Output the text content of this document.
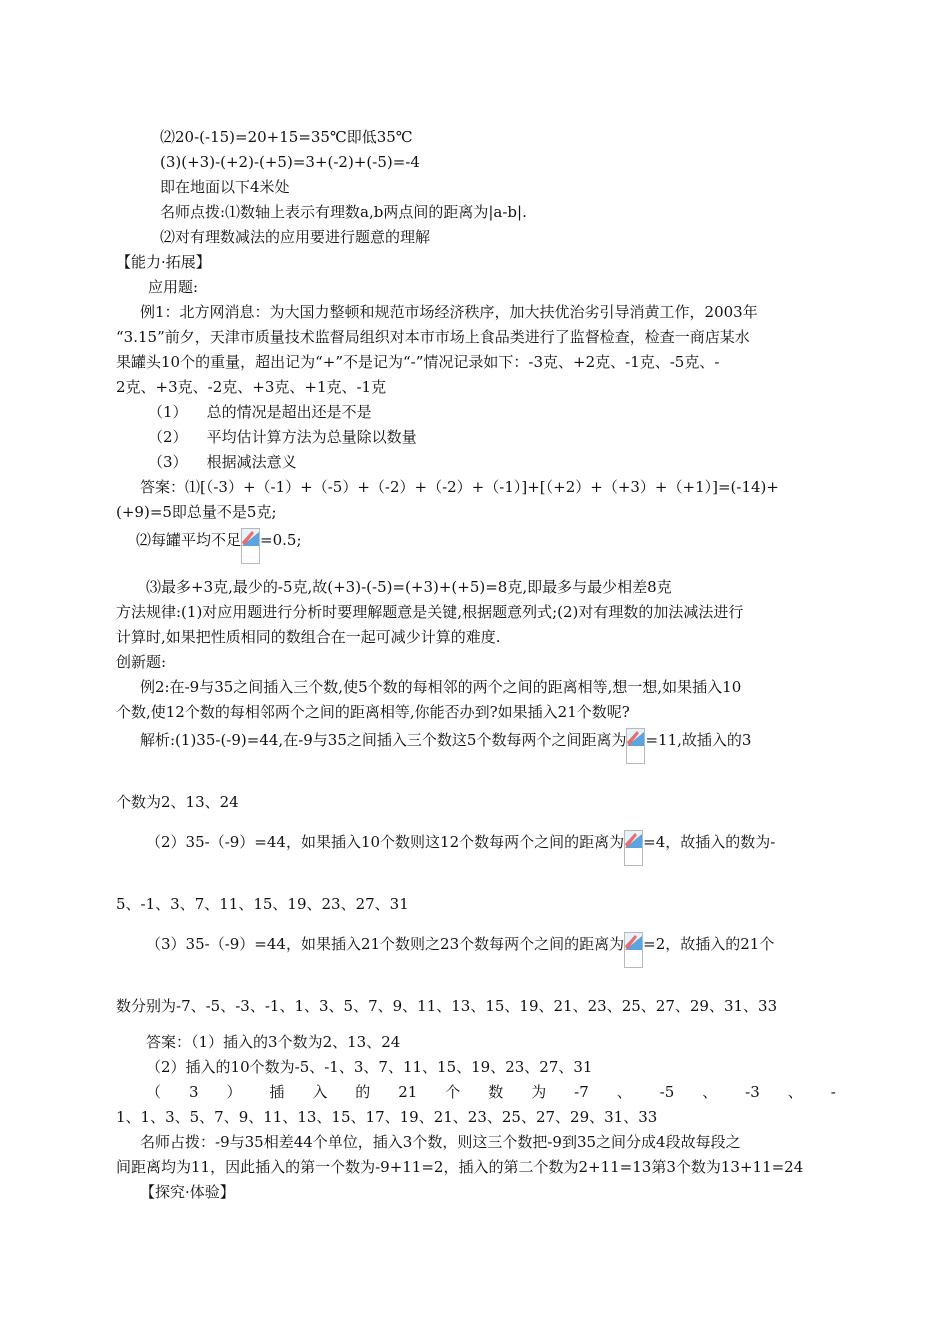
⑵20-(-15)=20+15=35℃即低35℃
(3)(+3)-(+2)-(+5)=3+(-2)+(-5)=-4
即在地面以下4米处
名师点拨:⑴数轴上表示有理数a,b两点间的距离为|a-b|.
⑵对有理数减法的应用要进行题意的理解
【能力·拓展】
应用题:
例1：北方网消息：为大国力整顿和规范市场经济秩序，加大扶优治劣引导消黄工作，2003年
“3.15”前夕，天津市质量技术监督局组织对本市市场上食品类进行了监督检查，检查一商店某水
果罐头10个的重量，超出记为“+”不是记为“-”情况记录如下：-3克、+2克、-1克、-5克、-
2克、+3克、-2克、+3克、+1克、-1克
（1）    总的情况是超出还是不是
（2）    平均估计算方法为总量除以数量
（3）    根据减法意义
答案：⑴[（-3）+（-1）+（-5）+（-2）+（-2）+（-1）]+[（+2）+（+3）+（+1）]=(-14)+
(+9)=5即总量不是5克;
⑵每罐平均不足 =0.5;
⑶最多+3克,最少的-5克,故(+3)-(-5)=(+3)+(+5)=8克,即最多与最少相差8克
方法规律:(1)对应用题进行分析时要理解题意是关键,根据题意列式;(2)对有理数的加法减法进行
计算时,如果把性质相同的数组合在一起可减少计算的难度.
创新题:
例2:在-9与35之间插入三个数,使5个数的每相邻的两个之间的距离相等,想一想,如果插入10
个数,使12个数的每相邻两个之间的距离相等,你能否办到?如果插入21个数呢?
解析:(1)35-(-9)=44,在-9与35之间插入三个数这5个数每两个之间距离为 =11,故插入的3
个数为2、13、24
（2）35-（-9）=44，如果插入10个数则这12个数每两个之间的距离为 =4，故插入的数为-
5、-1、3、7、11、15、19、23、27、31
（3）35-（-9）=44，如果插入21个数则之23个数每两个之间的距离为 =2，故插入的21个
数分别为-7、-5、-3、-1、1、3、5、7、9、11、13、15、19、21、23、25、27、29、31、33
答案：（1）插入的3个数为2、13、24
（2）插入的10个数为-5、-1、3、7、11、15、19、23、27、31
（ 3 ） 插 入 的 21 个 数 为 -7 、 -5 、 -3 、 -
1、1、3、5、7、9、11、13、15、17、19、21、23、25、27、29、31、33
名师占拨：-9与35相差44个单位，插入3个数，则这三个数把-9到35之间分成4段故每段之
间距离均为11，因此插入的第一个数为-9+11=2，插入的第二个数为2+11=13第3个数为13+11=24
【探究·体验】
